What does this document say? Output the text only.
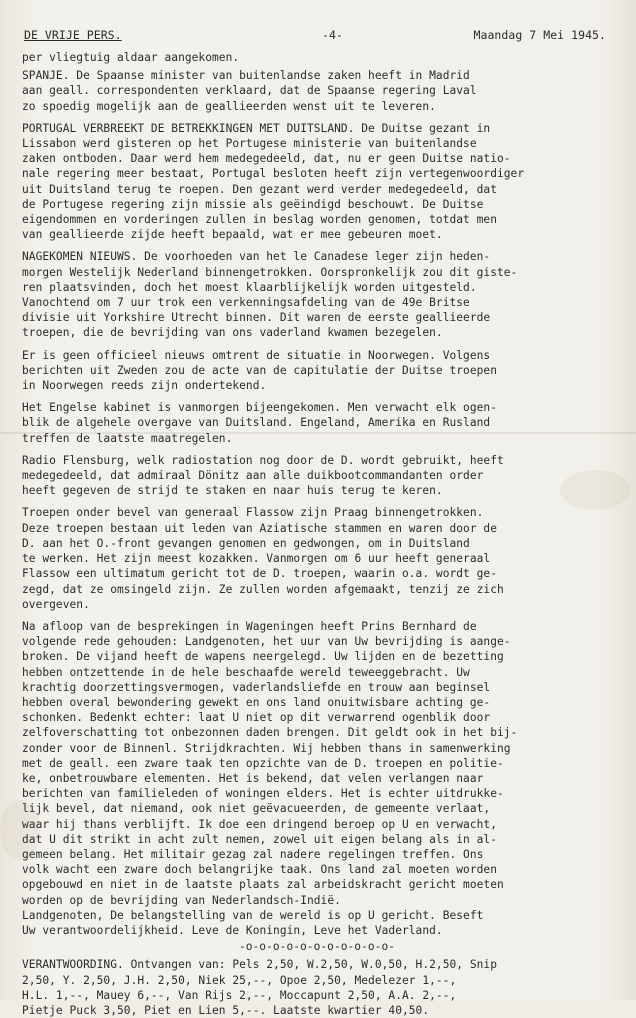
DE VRIJE PERS.	-4-	Maandag 7 Mei 1945.
per vliegtuig aldaar aangekomen.
SPANJE. De Spaanse minister van buitenlandse zaken heeft in Madrid
aan geall. correspondenten verklaard, dat de Spaanse regering Laval
zo spoedig mogelijk aan de geallieerden wenst uit te leveren.
PORTUGAL VERBREEKT DE BETREKKINGEN MET DUITSLAND. De Duitse gezant in
Lissabon werd gisteren op het Portugese ministerie van buitenlandse
zaken ontboden. Daar werd hem medegedeeld, dat, nu er geen Duitse natio-
nale regering meer bestaat, Portugal besloten heeft zijn vertegenwoordiger
uit Duitsland terug te roepen. Den gezant werd verder medegedeeld, dat
de Portugese regering zijn missie als geëindigd beschouwt. De Duitse
eigendommen en vorderingen zullen in beslag worden genomen, totdat men
van geallieerde zijde heeft bepaald, wat er mee gebeuren moet.
NAGEKOMEN NIEUWS. De voorhoeden van het le Canadese leger zijn heden-
morgen Westelijk Nederland binnengetrokken. Oorspronkelijk zou dit giste-
ren plaatsvinden, doch het moest klaarblijkelijk worden uitgesteld.
Vanochtend om 7 uur trok een verkenningsafdeling van de 49e Britse
divisie uit Yorkshire Utrecht binnen. Dit waren de eerste geallieerde
troepen, die de bevrijding van ons vaderland kwamen bezegelen.
Er is geen officieel nieuws omtrent de situatie in Noorwegen. Volgens
berichten uit Zweden zou de acte van de capitulatie der Duitse troepen
in Noorwegen reeds zijn ondertekend.
Het Engelse kabinet is vanmorgen bijeengekomen. Men verwacht elk ogen-
blik de algehele overgave van Duitsland. Engeland, Amerika en Rusland
treffen de laatste maatregelen.
Radio Flensburg, welk radiostation nog door de D. wordt gebruikt, heeft
medegedeeld, dat admiraal Dönitz aan alle duikbootcommandanten order
heeft gegeven de strijd te staken en naar huis terug te keren.
Troepen onder bevel van generaal Flassow zijn Praag binnengetrokken.
Deze troepen bestaan uit leden van Aziatische stammen en waren door de
D. aan het O.-front gevangen genomen en gedwongen, om in Duitsland
te werken. Het zijn meest kozakken. Vanmorgen om 6 uur heeft generaal
Flassow een ultimatum gericht tot de D. troepen, waarin o.a. wordt ge-
zegd, dat ze omsingeld zijn. Ze zullen worden afgemaakt, tenzij ze zich
overgeven.
Na afloop van de besprekingen in Wageningen heeft Prins Bernhard de
volgende rede gehouden: Landgenoten, het uur van Uw bevrijding is aange-
broken. De vijand heeft de wapens neergelegd. Uw lijden en de bezetting
hebben ontzettende in de hele beschaafde wereld teweeggebracht. Uw
krachtig doorzettingsvermogen, vaderlandsliefde en trouw aan beginsel
hebben overal bewondering gewekt en ons land onuitwisbare achting ge-
schonken. Bedenkt echter: laat U niet op dit verwarrend ogenblik door
zelfoverschatting tot onbezonnen daden brengen. Dit geldt ook in het bij-
zonder voor de Binnenl. Strijdkrachten. Wij hebben thans in samenwerking
met de geall. een zware taak ten opzichte van de D. troepen en politie-
ke, onbetrouwbare elementen. Het is bekend, dat velen verlangen naar
berichten van familieleden of woningen elders. Het is echter uitdrukke-
lijk bevel, dat niemand, ook niet geëvacueerden, de gemeente verlaat,
waar hij thans verblijft. Ik doe een dringend beroep op U en verwacht,
dat U dit strikt in acht zult nemen, zowel uit eigen belang als in al-
gemeen belang. Het militair gezag zal nadere regelingen treffen. Ons
volk wacht een zware doch belangrijke taak. Ons land zal moeten worden
opgebouwd en niet in de laatste plaats zal arbeidskracht gericht moeten
worden op de bevrijding van Nederlandsch-Indië.
Landgenoten, De belangstelling van de wereld is op U gericht. Beseft
Uw verantwoordelijkheid. Leve de Koningin, Leve het Vaderland.
-o-o-o-o-o-o-o-o-o-o-o-
VERANTWOORDING. Ontvangen van: Pels 2,50, W.2,50, W.0,50, H.2,50, Snip
2,50, Y. 2,50, J.H. 2,50, Niek 25,--, Opoe 2,50, Medelezer 1,--,
H.L. 1,--, Mauey 6,--, Van Rijs 2,--, Moccapunt 2,50, A.A. 2,--,
Pietje Puck 3,50, Piet en Lien 5,--. Laatste kwartier 40,50.
